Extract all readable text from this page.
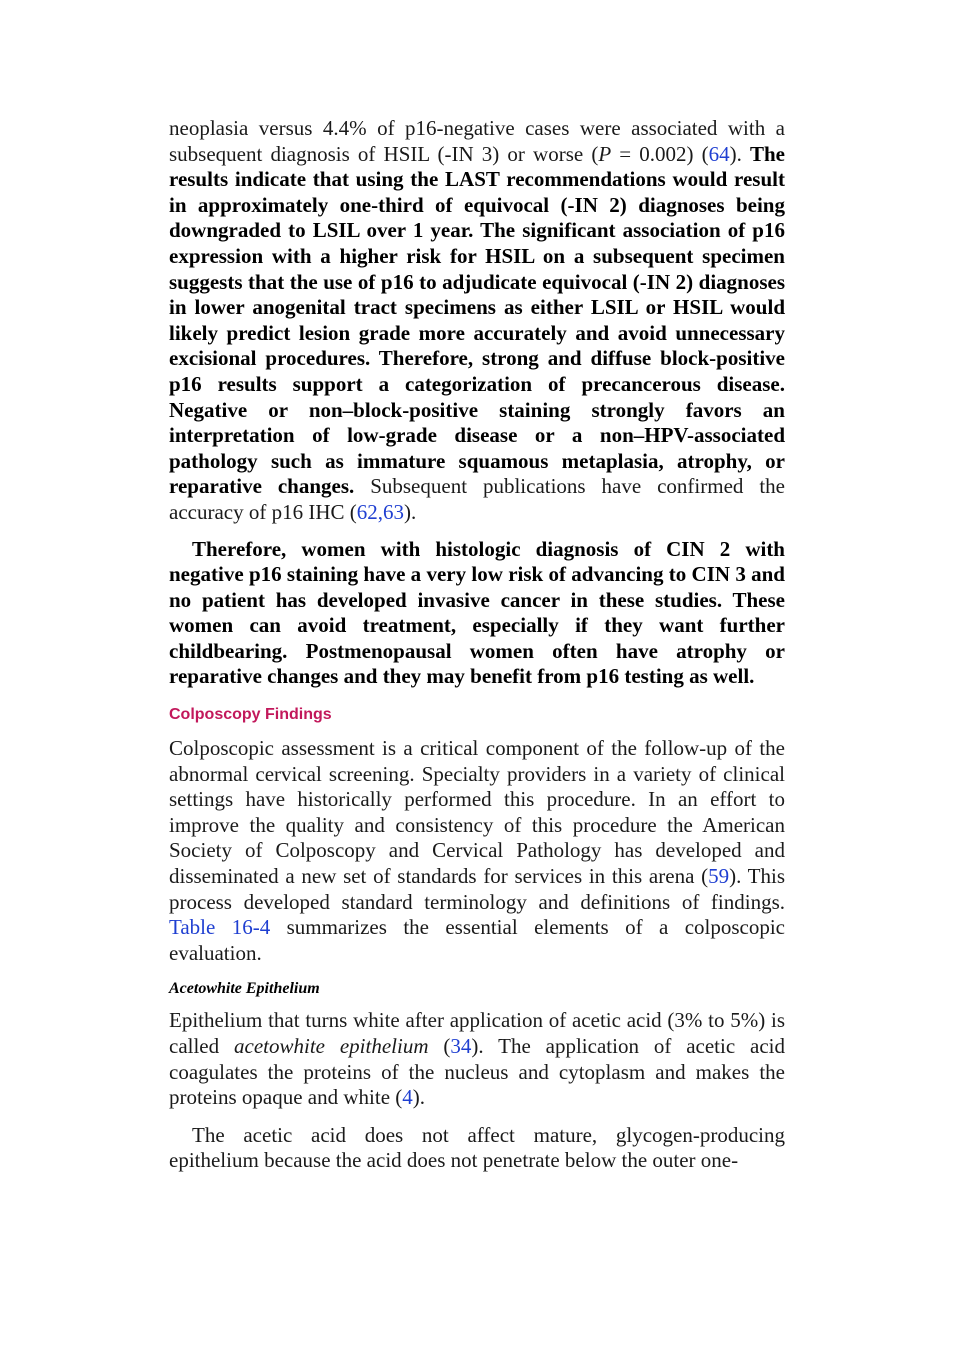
neoplasia versus 4.4% of p16-negative cases were associated with a subsequent diagnosis of HSIL (-IN 3) or worse (P = 0.002) (64). The results indicate that using the LAST recommendations would result in approximately one-third of equivocal (-IN 2) diagnoses being downgraded to LSIL over 1 year. The significant association of p16 expression with a higher risk for HSIL on a subsequent specimen suggests that the use of p16 to adjudicate equivocal (-IN 2) diagnoses in lower anogenital tract specimens as either LSIL or HSIL would likely predict lesion grade more accurately and avoid unnecessary excisional procedures. Therefore, strong and diffuse block-positive p16 results support a categorization of precancerous disease. Negative or non–block-positive staining strongly favors an interpretation of low-grade disease or a non–HPV-associated pathology such as immature squamous metaplasia, atrophy, or reparative changes. Subsequent publications have confirmed the accuracy of p16 IHC (62,63).

Therefore, women with histologic diagnosis of CIN 2 with negative p16 staining have a very low risk of advancing to CIN 3 and no patient has developed invasive cancer in these studies. These women can avoid treatment, especially if they want further childbearing. Postmenopausal women often have atrophy or reparative changes and they may benefit from p16 testing as well.

Colposcopy Findings

Colposcopic assessment is a critical component of the follow-up of the abnormal cervical screening. Specialty providers in a variety of clinical settings have historically performed this procedure. In an effort to improve the quality and consistency of this procedure the American Society of Colposcopy and Cervical Pathology has developed and disseminated a new set of standards for services in this arena (59). This process developed standard terminology and definitions of findings. Table 16-4 summarizes the essential elements of a colposcopic evaluation.

Acetowhite Epithelium

Epithelium that turns white after application of acetic acid (3% to 5%) is called acetowhite epithelium (34). The application of acetic acid coagulates the proteins of the nucleus and cytoplasm and makes the proteins opaque and white (4).

The acetic acid does not affect mature, glycogen-producing epithelium because the acid does not penetrate below the outer one-
